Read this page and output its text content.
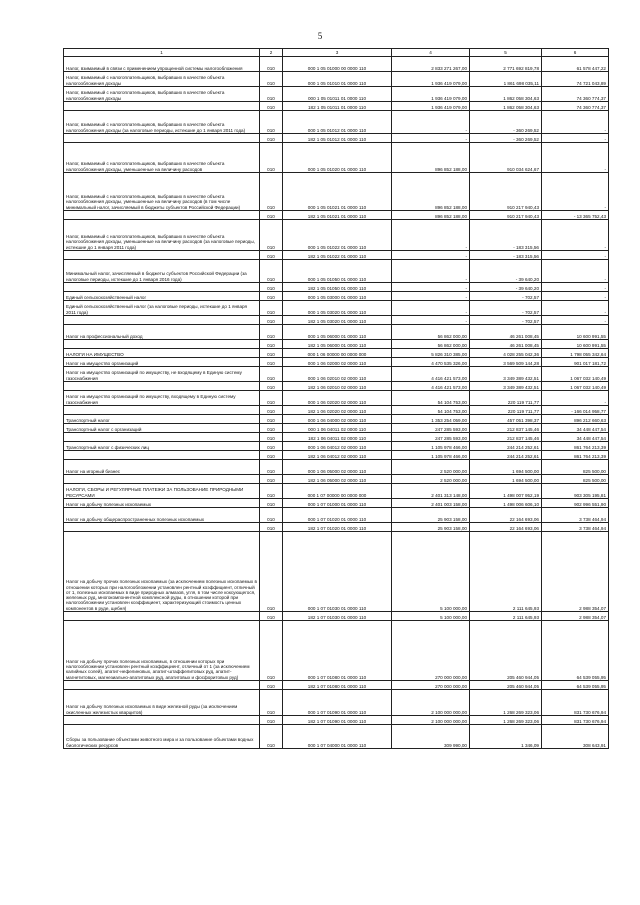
5
1	2	3	4	5	6
Налог, взимаемый в связи с применением упрощенной системы налогообложения	010	000 1 05 01000 00 0000 110	2 833 271 267,00	2 771 692 819,78	61 578 447,22
Налог, взимаемый с налогоплательщиков, выбравших в качестве объекта налогообложения доходы	010	000 1 05 01010 01 0000 110	1 936 419 079,00	1 861 698 035,11	74 721 043,89
Налог, взимаемый с налогоплательщиков, выбравших в качестве объекта налогообложения доходы	010	000 1 05 01011 01 0000 110	1 936 419 079,00	1 862 058 304,63	74 360 774,37
	010	182 1 05 01011 01 0000 110	1 936 419 079,00	1 862 058 304,63	74 360 774,37
Налог, взимаемый с налогоплательщиков, выбравших в качестве объекта налогообложения доходы (за налоговые периоды, истекшие до 1 января 2011 года)	010	000 1 05 01012 01 0000 110	-	- 360 269,52	-
	010	182 1 05 01012 01 0000 110	-	- 360 269,52	-
Налог, взимаемый с налогоплательщиков, выбравших в качестве объекта налогообложения доходы, уменьшенные на величину расходов	010	000 1 05 01020 01 0000 110	896 852 188,00	910 034 624,67	-
Налог, взимаемый с налогоплательщиков, выбравших в качестве объекта налогообложения доходы, уменьшенные на величину расходов (в том числе минимальный налог, зачисляемый в бюджеты субъектов Российской Федерации)	010	000 1 05 01021 01 0000 110	896 852 188,00	910 217 940,43	-
	010	182 1 05 01021 01 0000 110	896 852 188,00	910 217 940,43	- 13 365 752,43
Налог, взимаемый с налогоплательщиков, выбравших в качестве объекта налогообложения доходы, уменьшенные на величину расходов (за налоговые периоды, истекшие до 1 января 2011 года)	010	000 1 05 01022 01 0000 110	-	- 183 315,56	-
	010	182 1 05 01022 01 0000 110	-	- 183 315,56	-
Минимальный налог, зачисляемый в бюджеты субъектов Российской Федерации (за налоговые периоды, истекшие до 1 января 2016 года)	010	000 1 05 01050 01 0000 110	-	- 39 640,20	-
	010	182 1 05 01050 01 0000 110	-	- 39 640,20	-
Единый сельскохозяйственный налог	010	000 1 05 03000 01 0000 110	-	- 702,57	-
Единый сельскохозяйственный налог (за налоговые периоды, истекшие до 1 января 2011 года)	010	000 1 05 03020 01 0000 110	-	- 702,57	-
	010	182 1 05 03020 01 0000 110	-	- 702,57	-
Налог на профессиональный доход	010	000 1 05 06000 01 0000 110	56 862 000,00	46 261 008,45	10 600 991,55
	010	182 1 05 06000 01 0000 110	56 862 000,00	46 261 008,45	10 600 991,55
НАЛОГИ НА ИМУЩЕСТВО	010	000 1 06 00000 00 0000 000	5 826 310 385,00	4 028 255 042,36	1 798 055 342,64
Налог на имущество организаций	010	000 1 06 02000 02 0000 110	4 470 535 326,00	3 569 509 144,28	901 017 181,72
Налог на имущество организаций по имуществу, не входящему в Единую систему газоснабжения	010	000 1 06 02010 02 0000 110	4 416 421 573,00	3 349 389 432,51	1 067 032 140,49
	010	182 1 06 02010 02 0000 110	4 416 421 573,00	3 349 389 432,51	1 067 032 140,49
Налог на имущество организаций по имуществу, входящему в Единую систему газоснабжения	010	000 1 06 02020 02 0000 110	54 104 753,00	220 119 711,77	-
	010	182 1 06 02020 02 0000 110	54 104 753,00	220 119 711,77	- 166 014 958,77
Транспортный налог	010	000 1 06 04000 02 0000 110	1 353 254 059,00	457 051 398,37	896 212 660,63
Транспортный налог с организаций	010	000 1 06 04011 02 0000 110	247 285 593,00	212 837 145,46	34 448 447,54
	010	182 1 06 04011 02 0000 110	247 285 593,00	212 837 145,46	34 448 447,54
Транспортный налог с физических лиц	010	000 1 06 04012 02 0000 110	1 105 978 466,00	244 214 252,61	861 764 213,39
	010	182 1 06 04012 02 0000 110	1 105 978 466,00	244 214 252,61	861 764 213,39
Налог на игорный бизнес	010	000 1 06 05000 02 0000 110	2 520 000,00	1 694 500,00	825 500,00
	010	182 1 06 05000 02 0000 110	2 520 000,00	1 694 500,00	825 500,00
НАЛОГИ, СБОРЫ И РЕГУЛЯРНЫЕ ПЛАТЕЖИ ЗА ПОЛЬЗОВАНИЕ ПРИРОДНЫМИ РЕСУРСАМИ	010	000 1 07 00000 00 0000 000	2 401 313 148,00	1 498 007 952,19	903 305 195,81
Налог на добычу полезных ископаемых	010	000 1 07 01000 01 0000 110	2 401 003 158,00	1 498 006 606,10	902 996 551,90
Налог на добычу общераспространенных полезных ископаемых	010	000 1 07 01020 01 0000 110	25 903 158,00	22 164 693,06	3 738 464,94
	010	182 1 07 01020 01 0000 110	25 903 158,00	22 164 693,06	3 738 464,94
Налог на добычу прочих полезных ископаемых (за исключением полезных ископаемых в отношении которых при налогообложении установлен рентный коэффициент, отличный от 1, полезных ископаемых в виде природных алмазов, угля, в том числе коксующегося, железных руд, многокомпонентной комплексной руды, в отношении которой при налогообложении установлен коэффициент, характеризующий стоимость ценных компонентов в руде, щебня)	010	000 1 07 01030 01 0000 110	5 100 000,00	2 111 645,93	2 988 354,07
	010	182 1 07 01030 01 0000 110	5 100 000,00	2 111 645,93	2 988 354,07
Налог на добычу прочих полезных ископаемых, в отношении которых при налогообложении установлен рентный коэффициент, отличный от 1 (за исключением калийных солей), апатит-нефелиновых, апатит-штаффелитовых руд, апатит-магнетитовых, магнезиально-апатитовых руд, апатитовых и фосфоритовых руд)	010	000 1 07 01080 01 0000 110	270 000 000,00	205 460 944,05	64 539 055,95
	010	182 1 07 01080 01 0000 110	270 000 000,00	205 460 944,05	64 539 055,95
Налог на добычу полезных ископаемых в виде железной руды (за исключением окисленных железистых кварцитов)	010	000 1 07 01090 01 0000 110	2 100 000 000,00	1 268 269 323,06	831 730 676,94
	010	182 1 07 01090 01 0000 110	2 100 000 000,00	1 268 269 323,06	831 730 676,94
Сборы за пользование объектами животного мира и за пользование объектами водных биологических ресурсов	010	000 1 07 04000 01 0000 110	309 990,00	1 346,09	308 643,91
